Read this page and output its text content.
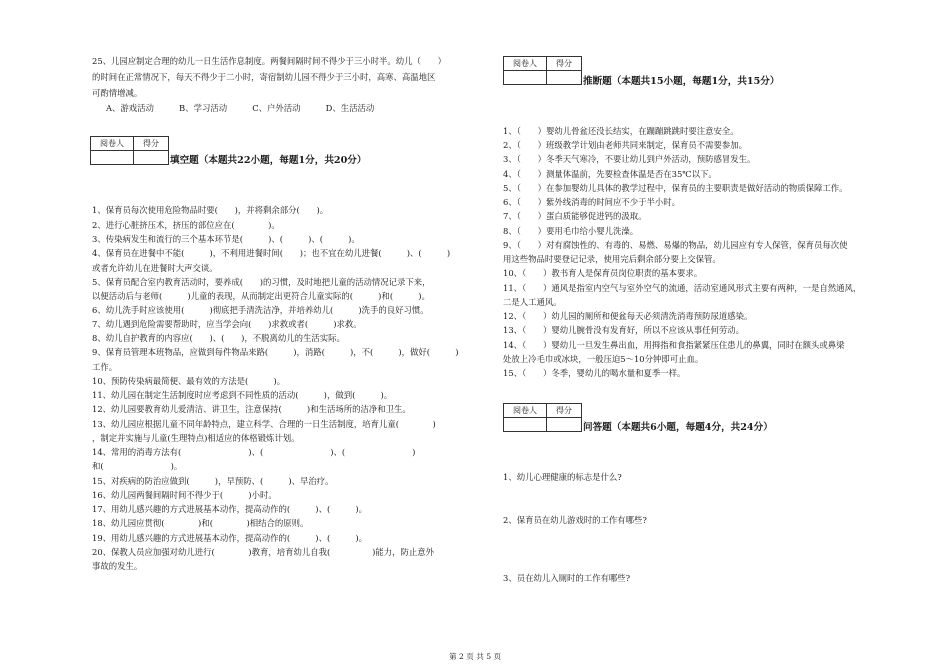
25、儿园应制定合理的幼儿一日生活作息制度。两餐间隔时间不得少于三小时半。幼儿（　　）
的时间在正常情况下，每天不得少于二小时，寄宿制幼儿园不得少于三小时，高寒、高温地区
可酌情增减。
A、游戏活动　　　B、学习活动　　　C、户外活动　　　D、生活活动
阅卷人	得分

填空题（本题共22小题，每题1分，共20分）
1、保育员每次使用危险物品时要(　　)，并将剩余部分(　　)。
2、进行心脏挤压术，挤压的部位应在(　　　　)。
3、传染病发生和流行的三个基本环节是(　　　)、(　　　)、(　　　)。
4、保育员在进餐中不能(　　　)，不利用进餐时间(　　)；也不宜在幼儿进餐(　　　)、(　　　)
或者允许幼儿在进餐时大声交谈。
5、保育员配合室内教育活动时，要养成(　　)的习惯，及时地把儿童的活动情况记录下来，
以便活动后与老师(　　　)儿童的表现，从而制定出更符合儿童实际的(　　　)和(　　　)。
6、幼儿洗手时应该使用(　　　)彻底把手清洗洁净，并培养幼儿(　　　)洗手的良好习惯。
7、幼儿遇到危险需要帮助时，应当学会向(　　)求救或者(　　　)求救。
8、幼儿自护教育的内容应(　　)、(　　)，不脱离幼儿的生活实际。
9、保育员管理本班物品，应做到每件物品来路(　　　)，消路(　　　)，不(　　　)，做好(　　　)
工作。
10、预防传染病最简便、最有效的方法是(　　　)。
11、幼儿园在制定生活制度时应考虑到不同性质的活动(　　　)，做到(　　　)。
12、幼儿园要教育幼儿爱清洁、讲卫生，注意保持(　　　)和生活场所的洁净和卫生。
13、幼儿园应根据儿童不同年龄特点，建立科学、合理的一日生活制度，培育儿童(　　　　)
，制定并实施与儿童(生理特点)相适应的体格锻炼计划。
14、常用的消毒方法有(　　　　　　　　)、(　　　　　　　　)、(　　　　　　　　)
和(　　　　　　　　)。
15、对疾病的防治应做到(　　　)，早预防、(　　　)、早治疗。
16、幼儿园两餐间隔时间不得少于(　　　)小时。
17、用幼儿感兴趣的方式进展基本动作，提高动作的(　　　)、(　　　)。
18、幼儿园应贯彻(　　　　)和(　　　　)相结合的原则。
19、用幼儿感兴趣的方式进展基本动作，提高动作的(　　　)、(　　　)。
20、保教人员应加强对幼儿进行(　　　　)教育，培育幼儿自我(　　　　　)能力，防止意外
事故的发生。
阅卷人	得分

推断题（本题共15小题，每题1分，共15分）
1、（　　）婴幼儿骨盆还没长结实，在蹦蹦跳跳时要注意安全。
2、（　　）班级教学计划由老师共同来制定，保育员不需要参加。
3、（　　）冬季天气寒冷，不要让幼儿到户外活动，预防感冒发生。
4、（　　）测量体温前，先要检查体温是否在35℃以下。
5、（　　）在参加婴幼儿具体的教学过程中，保育员的主要职责是做好活动的物质保障工作。
6、（　　）紫外线消毒的时间应不少于半小时。
7、（　　）蛋白质能够促进钙的汲取。
8、（　　）要用毛巾给小婴儿洗澡。
9、（　　）对有腐蚀性的、有毒的、易燃、易爆的物品，幼儿园应有专人保管，保育员每次使
用这些物品时要登记记录，使用完后剩余部分要上交保管。
10、（　　）教书育人是保育员岗位职责的基本要求。
11、（　　）通风是指室内空气与室外空气的流通，活动室通风形式主要有两种，一是自然通风，
二是人工通风。
12、（　　）幼儿园的厕所和便盆每天必须清洗消毒预防尿道感染。
13、（　　）婴幼儿腕骨没有发育好，所以不应该从事任何劳动。
14、（　　）婴幼儿一旦发生鼻出血，用拇指和食指紧紧压住患儿的鼻翼，同时在额头或鼻梁
处放上冷毛巾或冰块，一般压迫5～10分钟即可止血。
15、（　　）冬季，婴幼儿的喝水量和夏季一样。
阅卷人	得分

问答题（本题共6小题，每题4分，共24分）
1、幼儿心理健康的标志是什么?
2、保育员在幼儿游戏时的工作有哪些?
3、员在幼儿入厕时的工作有哪些?
第 2 页 共 5 页
